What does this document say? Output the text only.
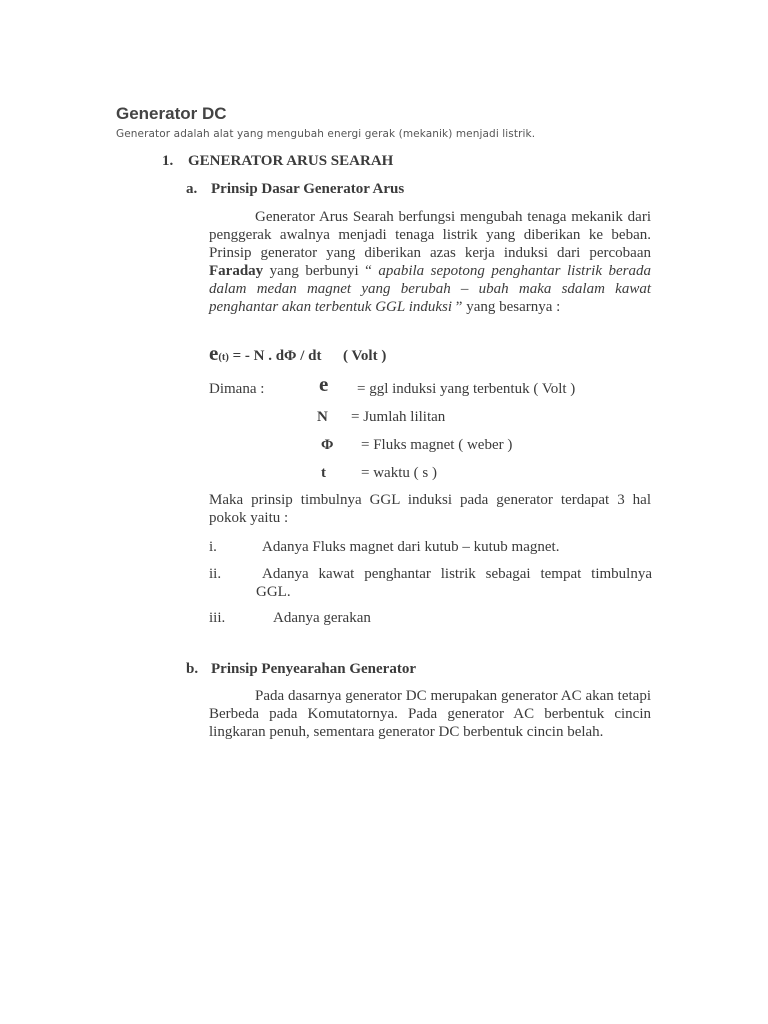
Generator DC
Generator adalah alat yang mengubah energi gerak (mekanik) menjadi listrik.
1. GENERATOR ARUS SEARAH
a. Prinsip Dasar Generator Arus
Generator Arus Searah berfungsi mengubah tenaga mekanik dari penggerak awalnya menjadi tenaga listrik yang diberikan ke beban. Prinsip generator yang diberikan azas kerja induksi dari percobaan Faraday yang berbunyi “ apabila sepotong penghantar listrik berada dalam medan magnet yang berubah – ubah maka sdalam kawat penghantar akan terbentuk GGL induksi ” yang besarnya :
e(t) = - N . dΦ / dt ( Volt )
Dimana :	e = ggl induksi yang terbentuk ( Volt )
N = Jumlah lilitan
Φ = Fluks magnet ( weber )
t = waktu ( s )
Maka prinsip timbulnya GGL induksi pada generator terdapat 3 hal pokok yaitu :
i.	Adanya Fluks magnet dari kutub – kutub magnet.
ii.	Adanya kawat penghantar listrik sebagai tempat timbulnya GGL.
iii.	Adanya gerakan
b. Prinsip Penyearahan Generator
Pada dasarnya generator DC merupakan generator AC akan tetapi Berbeda pada Komutatornya. Pada generator AC berbentuk cincin lingkaran penuh, sementara generator DC berbentuk cincin belah.
